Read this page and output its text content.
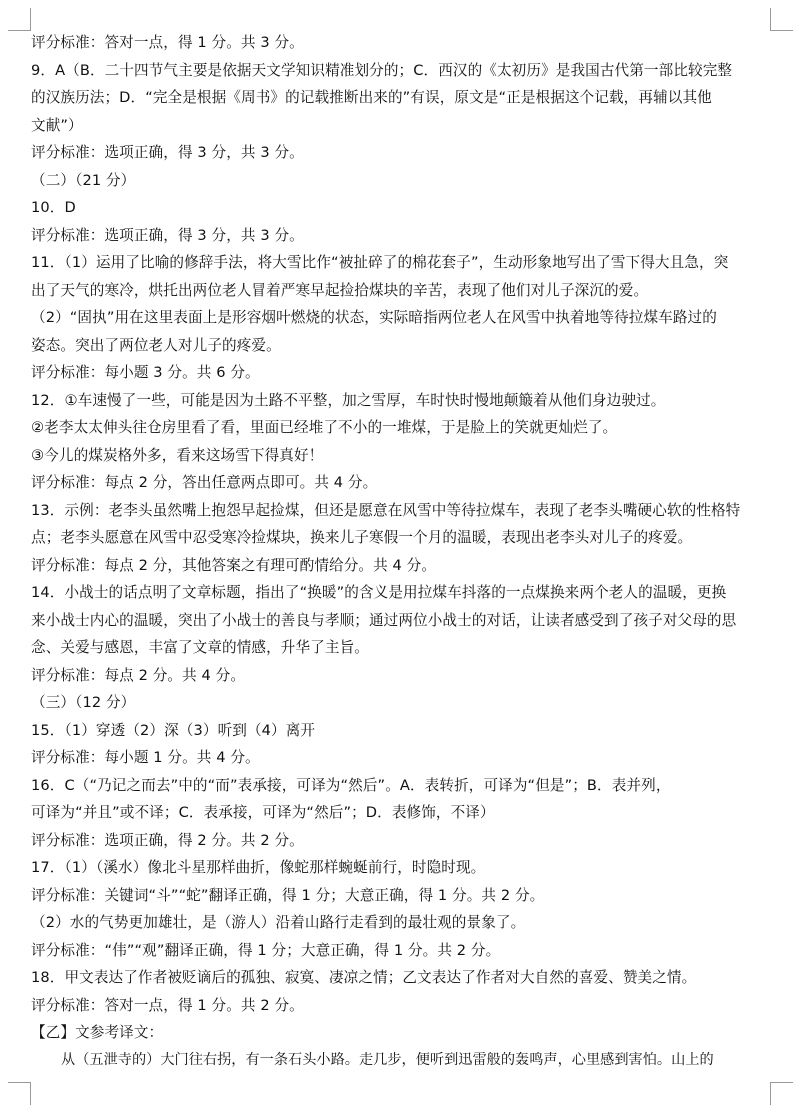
评分标准：答对一点，得 1 分。共 3 分。
9．A（B．二十四节气主要是依据天文学知识精准划分的；C．西汉的《太初历》是我国古代第一部比较完整
的汉族历法；D．“完全是根据《周书》的记载推断出来的”有误，原文是“正是根据这个记载，再辅以其他
文献”）
评分标准：选项正确，得 3 分，共 3 分。
（二）（21 分）
10．D
评分标准：选项正确，得 3 分，共 3 分。
11．（1）运用了比喻的修辞手法，将大雪比作“被扯碎了的棉花套子”，生动形象地写出了雪下得大且急，突
出了天气的寒冷，烘托出两位老人冒着严寒早起捡拾煤块的辛苦，表现了他们对儿子深沉的爱。
（2）“固执”用在这里表面上是形容烟叶燃烧的状态，实际暗指两位老人在风雪中执着地等待拉煤车路过的
姿态。突出了两位老人对儿子的疼爱。
评分标准：每小题 3 分。共 6 分。
12．①车速慢了一些，可能是因为土路不平整，加之雪厚，车时快时慢地颠簸着从他们身边驶过。
②老李太太伸头往仓房里看了看，里面已经堆了不小的一堆煤，于是脸上的笑就更灿烂了。
③今儿的煤炭格外多，看来这场雪下得真好！
评分标准：每点 2 分，答出任意两点即可。共 4 分。
13．示例：老李头虽然嘴上抱怨早起捡煤，但还是愿意在风雪中等待拉煤车，表现了老李头嘴硬心软的性格特
点；老李头愿意在风雪中忍受寒冷捡煤块，换来儿子寒假一个月的温暖，表现出老李头对儿子的疼爱。
评分标准：每点 2 分，其他答案之有理可酌情给分。共 4 分。
14．小战士的话点明了文章标题，指出了“换暖”的含义是用拉煤车抖落的一点煤换来两个老人的温暖，更换
来小战士内心的温暖，突出了小战士的善良与孝顺；通过两位小战士的对话，让读者感受到了孩子对父母的思
念、关爱与感恩，丰富了文章的情感，升华了主旨。
评分标准：每点 2 分。共 4 分。
（三）（12 分）
15．（1）穿透（2）深（3）听到（4）离开
评分标准：每小题 1 分。共 4 分。
16．C（“乃记之而去”中的“而”表承接，可译为“然后”。A．表转折，可译为“但是”；B．表并列，
可译为“并且”或不译；C．表承接，可译为“然后”；D．表修饰，不译）
评分标准：选项正确，得 2 分。共 2 分。
17．（1）（溪水）像北斗星那样曲折，像蛇那样蜿蜒前行，时隐时现。
评分标准：关键词“斗”“蛇”翻译正确，得 1 分；大意正确，得 1 分。共 2 分。
（2）水的气势更加雄壮，是（游人）沿着山路行走看到的最壮观的景象了。
评分标准：“伟”“观”翻译正确，得 1 分；大意正确，得 1 分。共 2 分。
18．甲文表达了作者被贬谪后的孤独、寂寞、凄凉之情；乙文表达了作者对大自然的喜爱、赞美之情。
评分标准：答对一点，得 1 分。共 2 分。
【乙】文参考译文：
从（五泄寺的）大门往右拐，有一条石头小路。走几步，便听到迅雷般的轰鸣声，心里感到害怕。山上的
